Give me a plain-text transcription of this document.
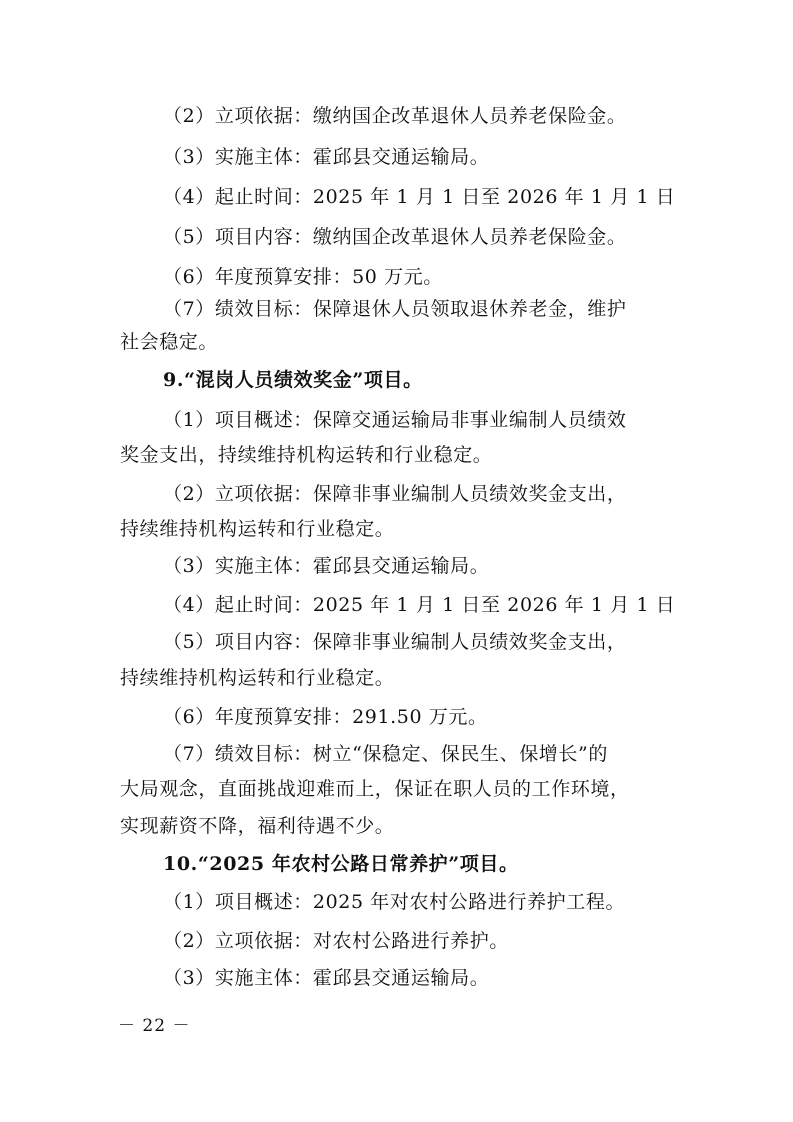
（2）立项依据：缴纳国企改革退休人员养老保险金。
（3）实施主体：霍邱县交通运输局。
（4）起止时间：2025 年 1 月 1 日至 2026 年 1 月 1 日
（5）项目内容：缴纳国企改革退休人员养老保险金。
（6）年度预算安排：50 万元。
（7）绩效目标：保障退休人员领取退休养老金，维护
社会稳定。
9.“混岗人员绩效奖金”项目。
（1）项目概述：保障交通运输局非事业编制人员绩效
奖金支出，持续维持机构运转和行业稳定。
（2）立项依据：保障非事业编制人员绩效奖金支出，
持续维持机构运转和行业稳定。
（3）实施主体：霍邱县交通运输局。
（4）起止时间：2025 年 1 月 1 日至 2026 年 1 月 1 日
（5）项目内容：保障非事业编制人员绩效奖金支出，
持续维持机构运转和行业稳定。
（6）年度预算安排：291.50 万元。
（7）绩效目标：树立“保稳定、保民生、保增长”的
大局观念，直面挑战迎难而上，保证在职人员的工作环境，
实现薪资不降，福利待遇不少。
10.“2025 年农村公路日常养护”项目。
（1）项目概述：2025 年对农村公路进行养护工程。
（2）立项依据：对农村公路进行养护。
（3）实施主体：霍邱县交通运输局。
－ 22 －
